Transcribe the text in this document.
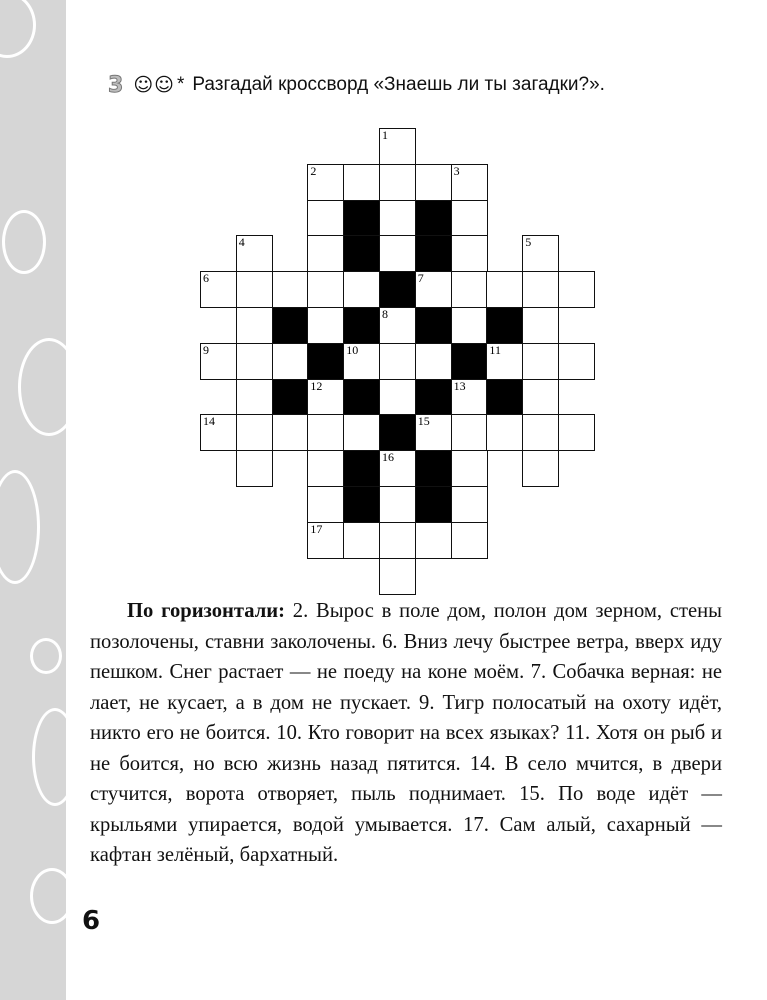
3 ☺☺ * Разгадай кроссворд «Знаешь ли ты загадки?».
1
2	3
4	5
6	7
8
9	10	11
12	13
14	15
16
17

По горизонтали: 2. Вырос в поле дом, полон дом зерном, стены позолочены, ставни заколочены. 6. Вниз лечу быстрее ветра, вверх иду пешком. Снег растает — не поеду на коне моём. 7. Собачка верная: не лает, не кусает, а в дом не пускает. 9. Тигр полосатый на охоту идёт, никто его не боится. 10. Кто говорит на всех языках? 11. Хотя он рыб и не боится, но всю жизнь назад пятится. 14. В село мчится, в двери стучится, ворота отворяет, пыль поднимает. 15. По воде идёт — крыльями упирается, водой умывается. 17. Сам алый, сахарный — кафтан зелёный, бархатный.

6
